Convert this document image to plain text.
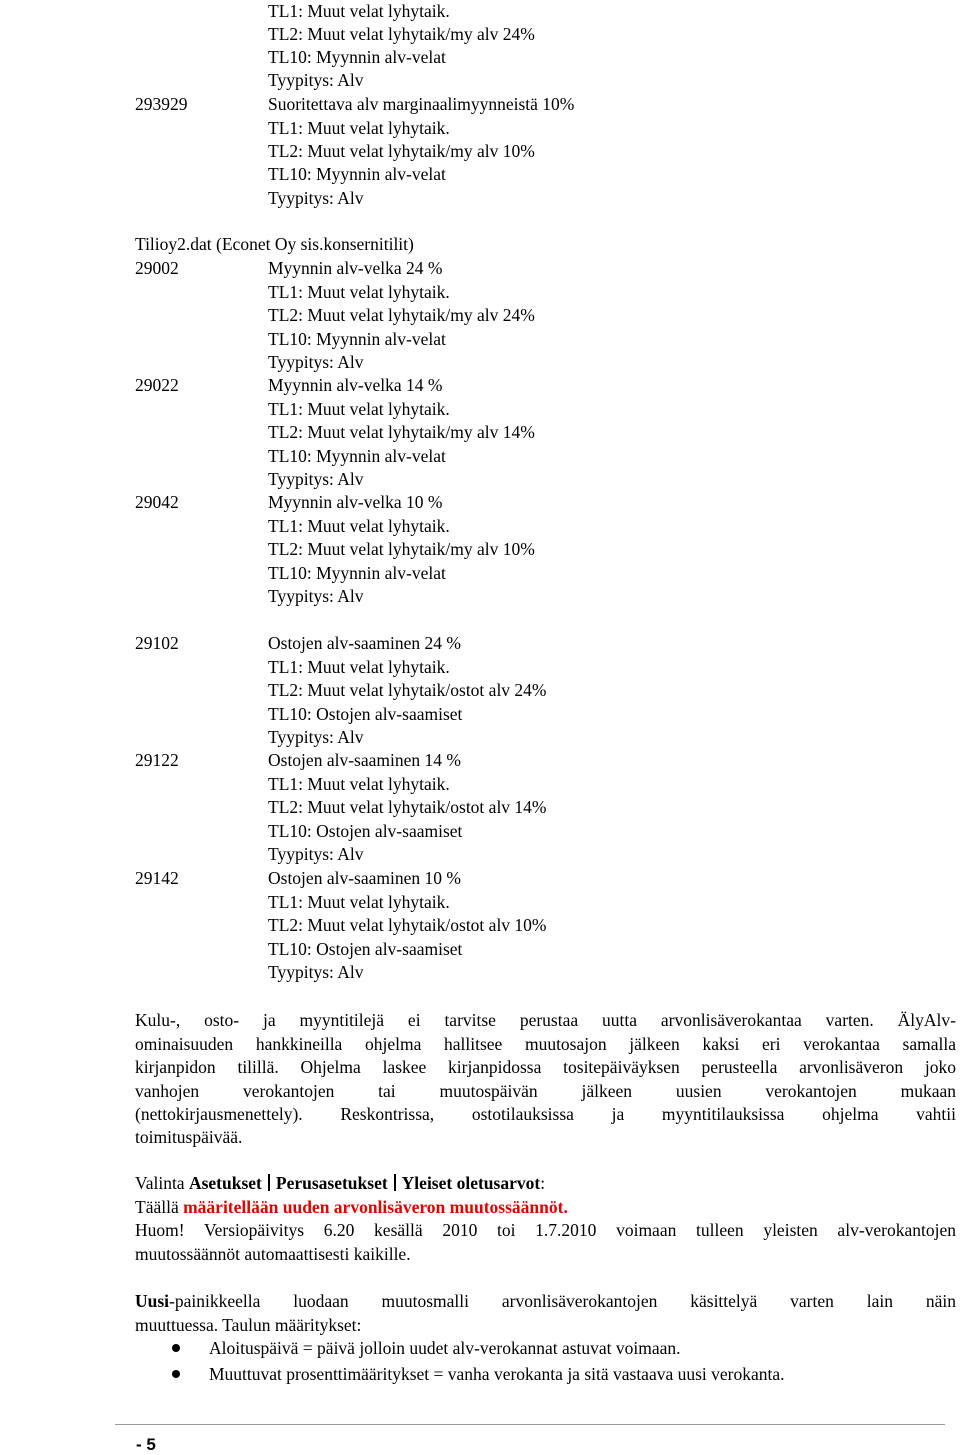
TL1: Muut velat lyhytaik.
TL2: Muut velat lyhytaik/my alv 24%
TL10: Myynnin alv-velat
Tyypitys: Alv
293929	Suoritettava alv marginaalimyynneistä 10%
TL1: Muut velat lyhytaik.
TL2: Muut velat lyhytaik/my alv 10%
TL10: Myynnin alv-velat
Tyypitys: Alv
Tilioy2.dat (Econet Oy sis.konsernitilit)
29002	Myynnin alv-velka 24 %
TL1: Muut velat lyhytaik.
TL2: Muut velat lyhytaik/my alv 24%
TL10: Myynnin alv-velat
Tyypitys: Alv
29022	Myynnin alv-velka 14 %
TL1: Muut velat lyhytaik.
TL2: Muut velat lyhytaik/my alv 14%
TL10: Myynnin alv-velat
Tyypitys: Alv
29042	Myynnin alv-velka 10 %
TL1: Muut velat lyhytaik.
TL2: Muut velat lyhytaik/my alv 10%
TL10: Myynnin alv-velat
Tyypitys: Alv
29102	Ostojen alv-saaminen 24 %
TL1: Muut velat lyhytaik.
TL2: Muut velat lyhytaik/ostot alv 24%
TL10: Ostojen alv-saamiset
Tyypitys: Alv
29122	Ostojen alv-saaminen 14 %
TL1: Muut velat lyhytaik.
TL2: Muut velat lyhytaik/ostot alv 14%
TL10: Ostojen alv-saamiset
Tyypitys: Alv
29142	Ostojen alv-saaminen 10 %
TL1: Muut velat lyhytaik.
TL2: Muut velat lyhytaik/ostot alv 10%
TL10: Ostojen alv-saamiset
Tyypitys: Alv
Kulu-, osto- ja myyntitilejä ei tarvitse perustaa uutta arvonlisäverokantaa varten. ÄlyAlv-
ominaisuuden hankkineilla ohjelma hallitsee muutosajon jälkeen kaksi eri verokantaa samalla
kirjanpidon tilillä. Ohjelma laskee kirjanpidossa tositepäiväyksen perusteella arvonlisäveron joko
vanhojen verokantojen tai muutospäivän jälkeen uusien verokantojen mukaan
(nettokirjausmenettely). Reskontrissa, ostotilauksissa ja myyntitilauksissa ohjelma vahtii
toimituspäivää.
Valinta Asetukset Perusasetukset Yleiset oletusarvot:
Täällä määritellään uuden arvonlisäveron muutossäännöt.
Huom! Versiopäivitys 6.20 kesällä 2010 toi 1.7.2010 voimaan tulleen yleisten alv-verokantojen
muutossäännöt automaattisesti kaikille.
Uusi-painikkeella luodaan muutosmalli arvonlisäverokantojen käsittelyä varten lain näin
muuttuessa. Taulun määritykset:
Aloituspäivä = päivä jolloin uudet alv-verokannat astuvat voimaan.
Muuttuvat prosenttimääritykset = vanha verokanta ja sitä vastaava uusi verokanta.
- 5
